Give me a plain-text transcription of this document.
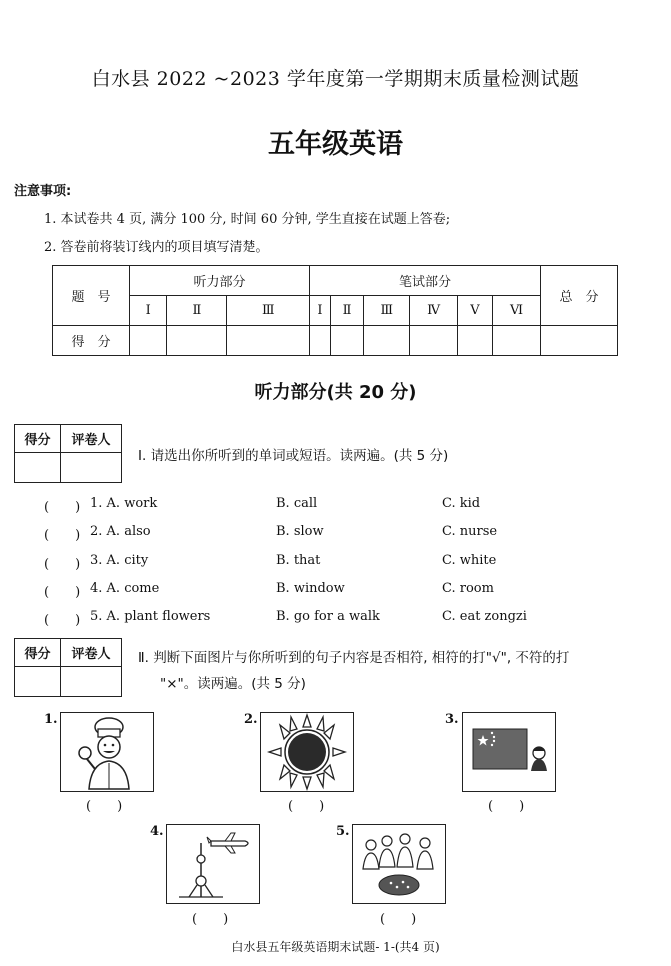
白水县 2022 ~2023 学年度第一学期期末质量检测试题
五年级英语
注意事项:
1. 本试卷共 4 页, 满分 100 分, 时间 60 分钟, 学生直接在试题上答卷;
2. 答卷前将装订线内的项目填写清楚。
题　号	听力部分			笔试部分						总　分
	Ⅰ	Ⅱ	Ⅲ	Ⅰ	Ⅱ	Ⅲ	Ⅳ	Ⅴ	Ⅵ	
得　分										
听力部分(共 20 分)
得分	评卷人

Ⅰ. 请选出你所听到的单词或短语。读两遍。(共 5 分)
(　　) 1. A. work	B. call	C. kid
(　　) 2. A. also	B. slow	C. nurse
(　　) 3. A. city	B. that	C. white
(　　) 4. A. come	B. window	C. room
(　　) 5. A. plant flowers	B. go for a walk	C. eat zongzi
得分	评卷人
	Ⅱ. 判断下面图片与你所听到的句子内容是否相符, 相符的打"√", 不符的打
"×"。读两遍。(共 5 分)
1.
(　　)
2.
(　　)
3.
(　　)
4.
(　　)
5.
(　　)
白水县五年级英语期末试题- 1-(共4 页)
